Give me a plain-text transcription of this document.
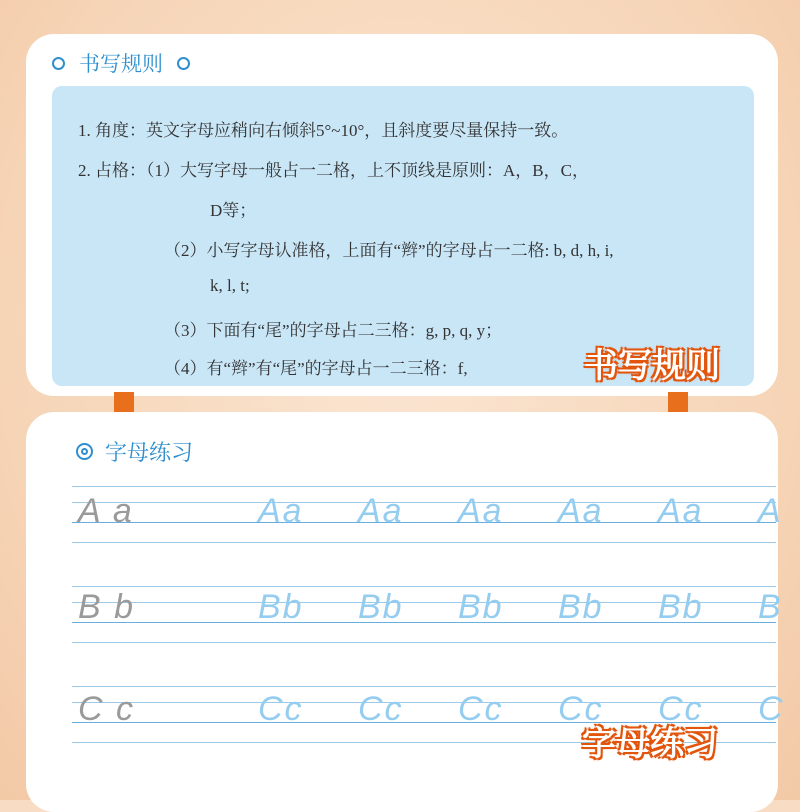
书写规则
1. 角度：英文字母应稍向右倾斜5°~10°，且斜度要尽量保持一致。
2. 占格：（1）大写字母一般占一二格，上不顶线是原则：A，B，C，
D等；
（2）小写字母认准格，上面有“辫”的字母占一二格: b, d, h, i,
k, l, t;
（3）下面有“尾”的字母占二三格：g, p, q, y；
（4）有“辫”有“尾”的字母占一二三格：f,	书写规则
字母练习
A a	Aa Aa Aa Aa Aa A
B b	Bb Bb Bb Bb Bb B
C c	Cc Cc Cc Cc Cc C
字母练习
